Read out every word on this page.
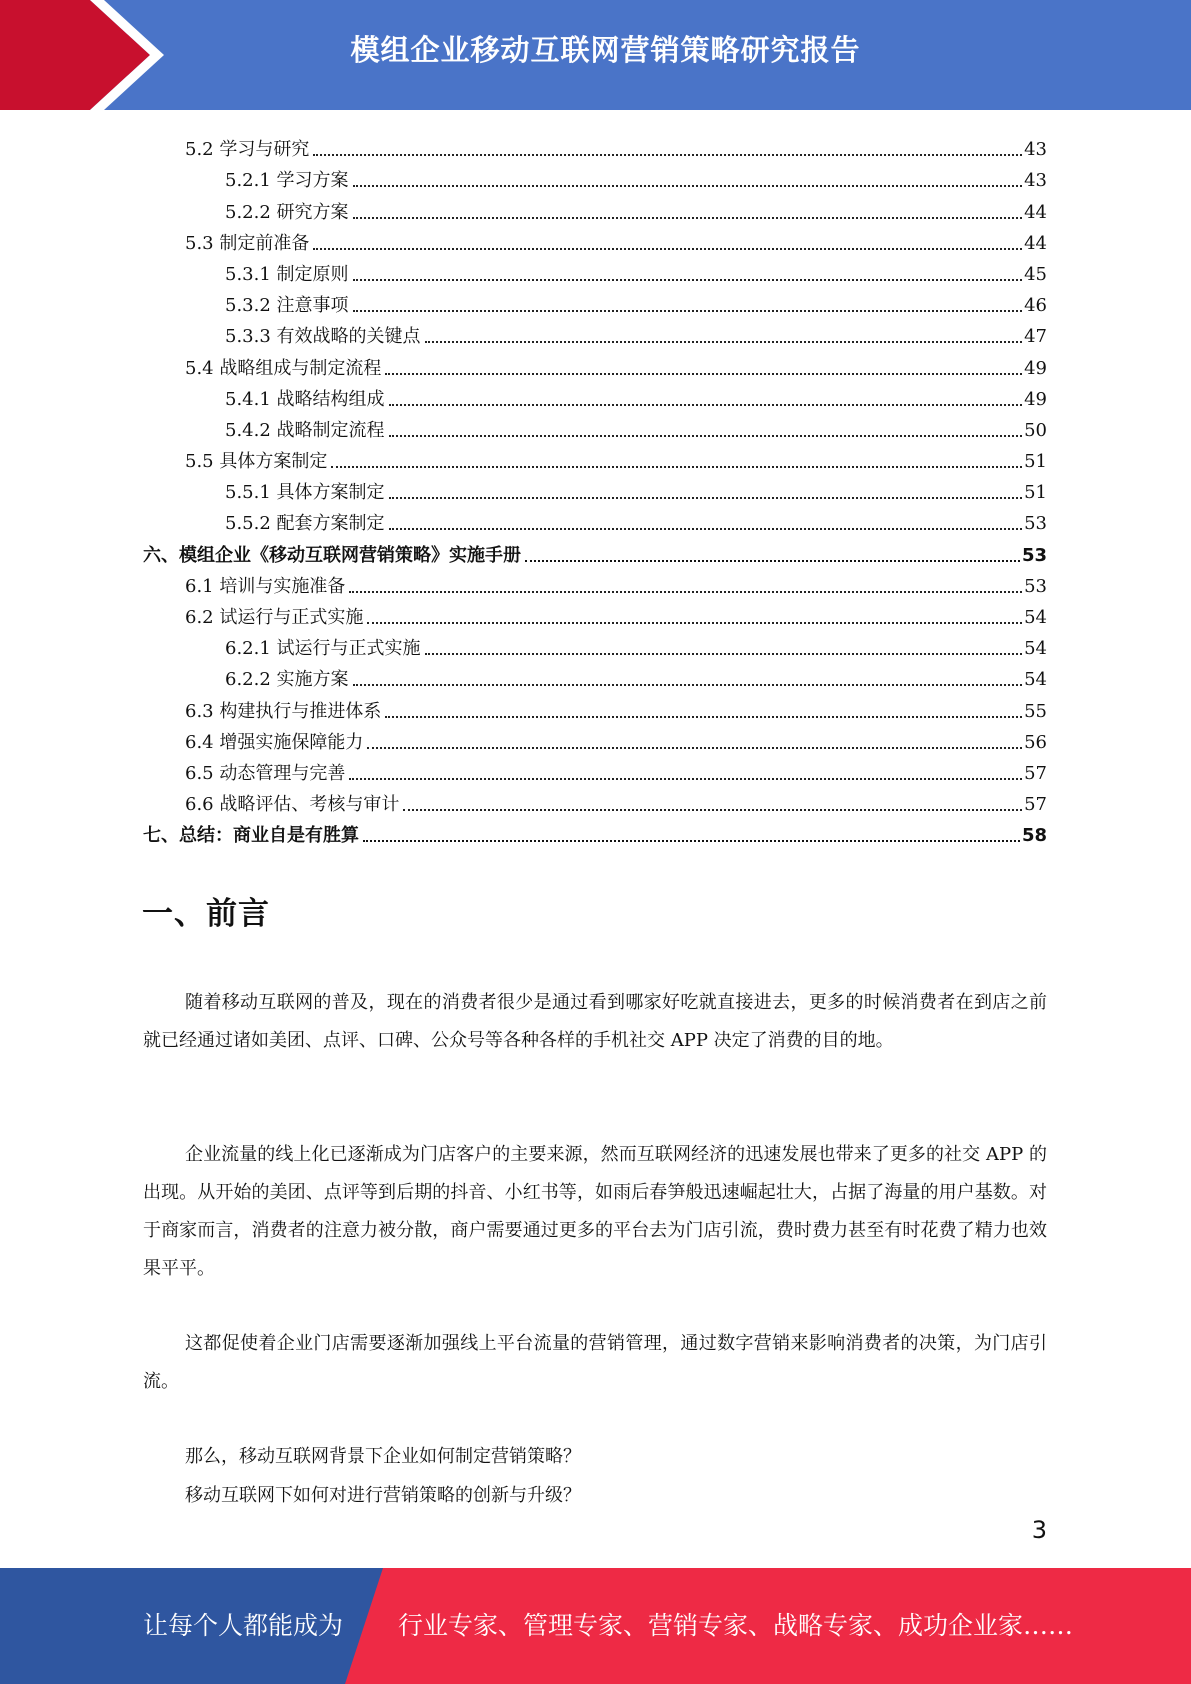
模组企业移动互联网营销策略研究报告
5.2 学习与研究	43
5.2.1 学习方案	43
5.2.2 研究方案	44
5.3 制定前准备	44
5.3.1 制定原则	45
5.3.2 注意事项	46
5.3.3 有效战略的关键点	47
5.4 战略组成与制定流程	49
5.4.1 战略结构组成	49
5.4.2 战略制定流程	50
5.5 具体方案制定	51
5.5.1 具体方案制定	51
5.5.2 配套方案制定	53
六、模组企业《移动互联网营销策略》实施手册	53
6.1 培训与实施准备	53
6.2 试运行与正式实施	54
6.2.1 试运行与正式实施	54
6.2.2 实施方案	54
6.3 构建执行与推进体系	55
6.4 增强实施保障能力	56
6.5 动态管理与完善	57
6.6 战略评估、考核与审计	57
七、总结：商业自是有胜算	58
一、前言
随着移动互联网的普及，现在的消费者很少是通过看到哪家好吃就直接进去，更多的时候消费者在到店之前就已经通过诸如美团、点评、口碑、公众号等各种各样的手机社交 APP 决定了消费的目的地。
企业流量的线上化已逐渐成为门店客户的主要来源，然而互联网经济的迅速发展也带来了更多的社交 APP 的出现。从开始的美团、点评等到后期的抖音、小红书等，如雨后春笋般迅速崛起壮大，占据了海量的用户基数。对于商家而言，消费者的注意力被分散，商户需要通过更多的平台去为门店引流，费时费力甚至有时花费了精力也效果平平。
这都促使着企业门店需要逐渐加强线上平台流量的营销管理，通过数字营销来影响消费者的决策，为门店引流。
那么，移动互联网背景下企业如何制定营销策略？
移动互联网下如何对进行营销策略的创新与升级？
3
让每个人都能成为 行业专家、管理专家、营销专家、战略专家、成功企业家……
